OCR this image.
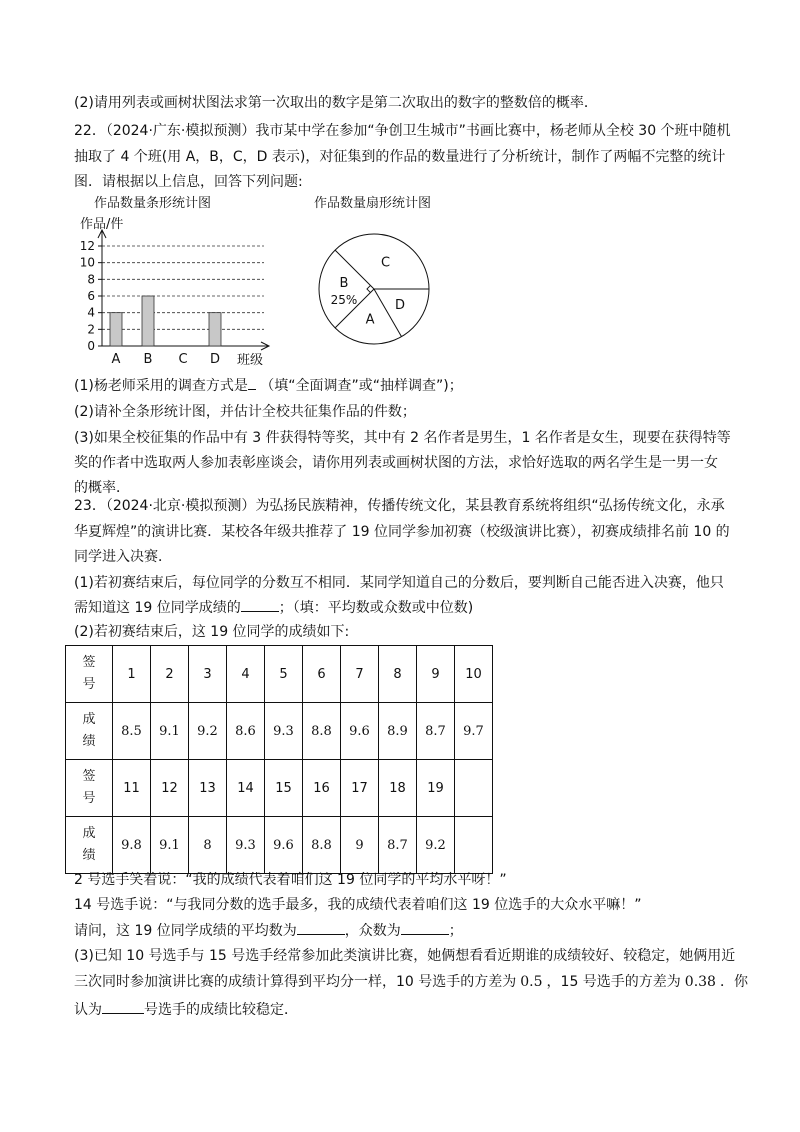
(2)请用列表或画树状图法求第一次取出的数字是第二次取出的数字的整数倍的概率．
22．（2024·广东·模拟预测）我市某中学在参加“争创卫生城市”书画比赛中，杨老师从全校 30 个班中随机
抽取了 4 个班(用 A，B，C，D 表示)，对征集到的作品的数量进行了分析统计，制作了两幅不完整的统计
图．请根据以上信息，回答下列问题:
作品数量条形统计图	作品数量扇形统计图
0
2
4
6
8
10
12
作品/件
班级
A B C D
C
D
A
B
25%
(1)杨老师采用的调查方式是 （填“全面调查”或“抽样调查”)；
(2)请补全条形统计图，并估计全校共征集作品的件数；
(3)如果全校征集的作品中有 3 件获得特等奖，其中有 2 名作者是男生，1 名作者是女生，现要在获得特等
奖的作者中选取两人参加表彰座谈会，请你用列表或画树状图的方法，求恰好选取的两名学生是一男一女
的概率．
23．（2024·北京·模拟预测）为弘扬民族精神，传播传统文化，某县教育系统将组织“弘扬传统文化，永承
华夏辉煌”的演讲比赛．某校各年级共推荐了 19 位同学参加初赛（校级演讲比赛），初赛成绩排名前 10 的
同学进入决赛．
(1)若初赛结束后，每位同学的分数互不相同．某同学知道自己的分数后，要判断自己能否进入决赛，他只
需知道这 19 位同学成绩的	；（填：平均数或众数或中位数)
(2)若初赛结束后，这 19 位同学的成绩如下:
签
号	1	2	3	4	5	6	7	8	9	10
成
绩	8.5	9.1	9.2	8.6	9.3	8.8	9.6	8.9	8.7	9.7
签
号	11	12	13	14	15	16	17	18	19	
成
绩	9.8	9.1	8	9.3	9.6	8.8	9	8.7	9.2	
2 号选手笑着说：“我的成绩代表着咱们这 19 位同学的平均水平呀！”
14 号选手说：“与我同分数的选手最多，我的成绩代表着咱们这 19 位选手的大众水平嘛！”
请问，这 19 位同学成绩的平均数为	，众数为	；
(3)已知 10 号选手与 15 号选手经常参加此类演讲比赛，她俩想看看近期谁的成绩较好、较稳定，她俩用近
三次同时参加演讲比赛的成绩计算得到平均分一样，10 号选手的方差为 0.5 ，15 号选手的方差为 0.38 ．你
认为	号选手的成绩比较稳定．
